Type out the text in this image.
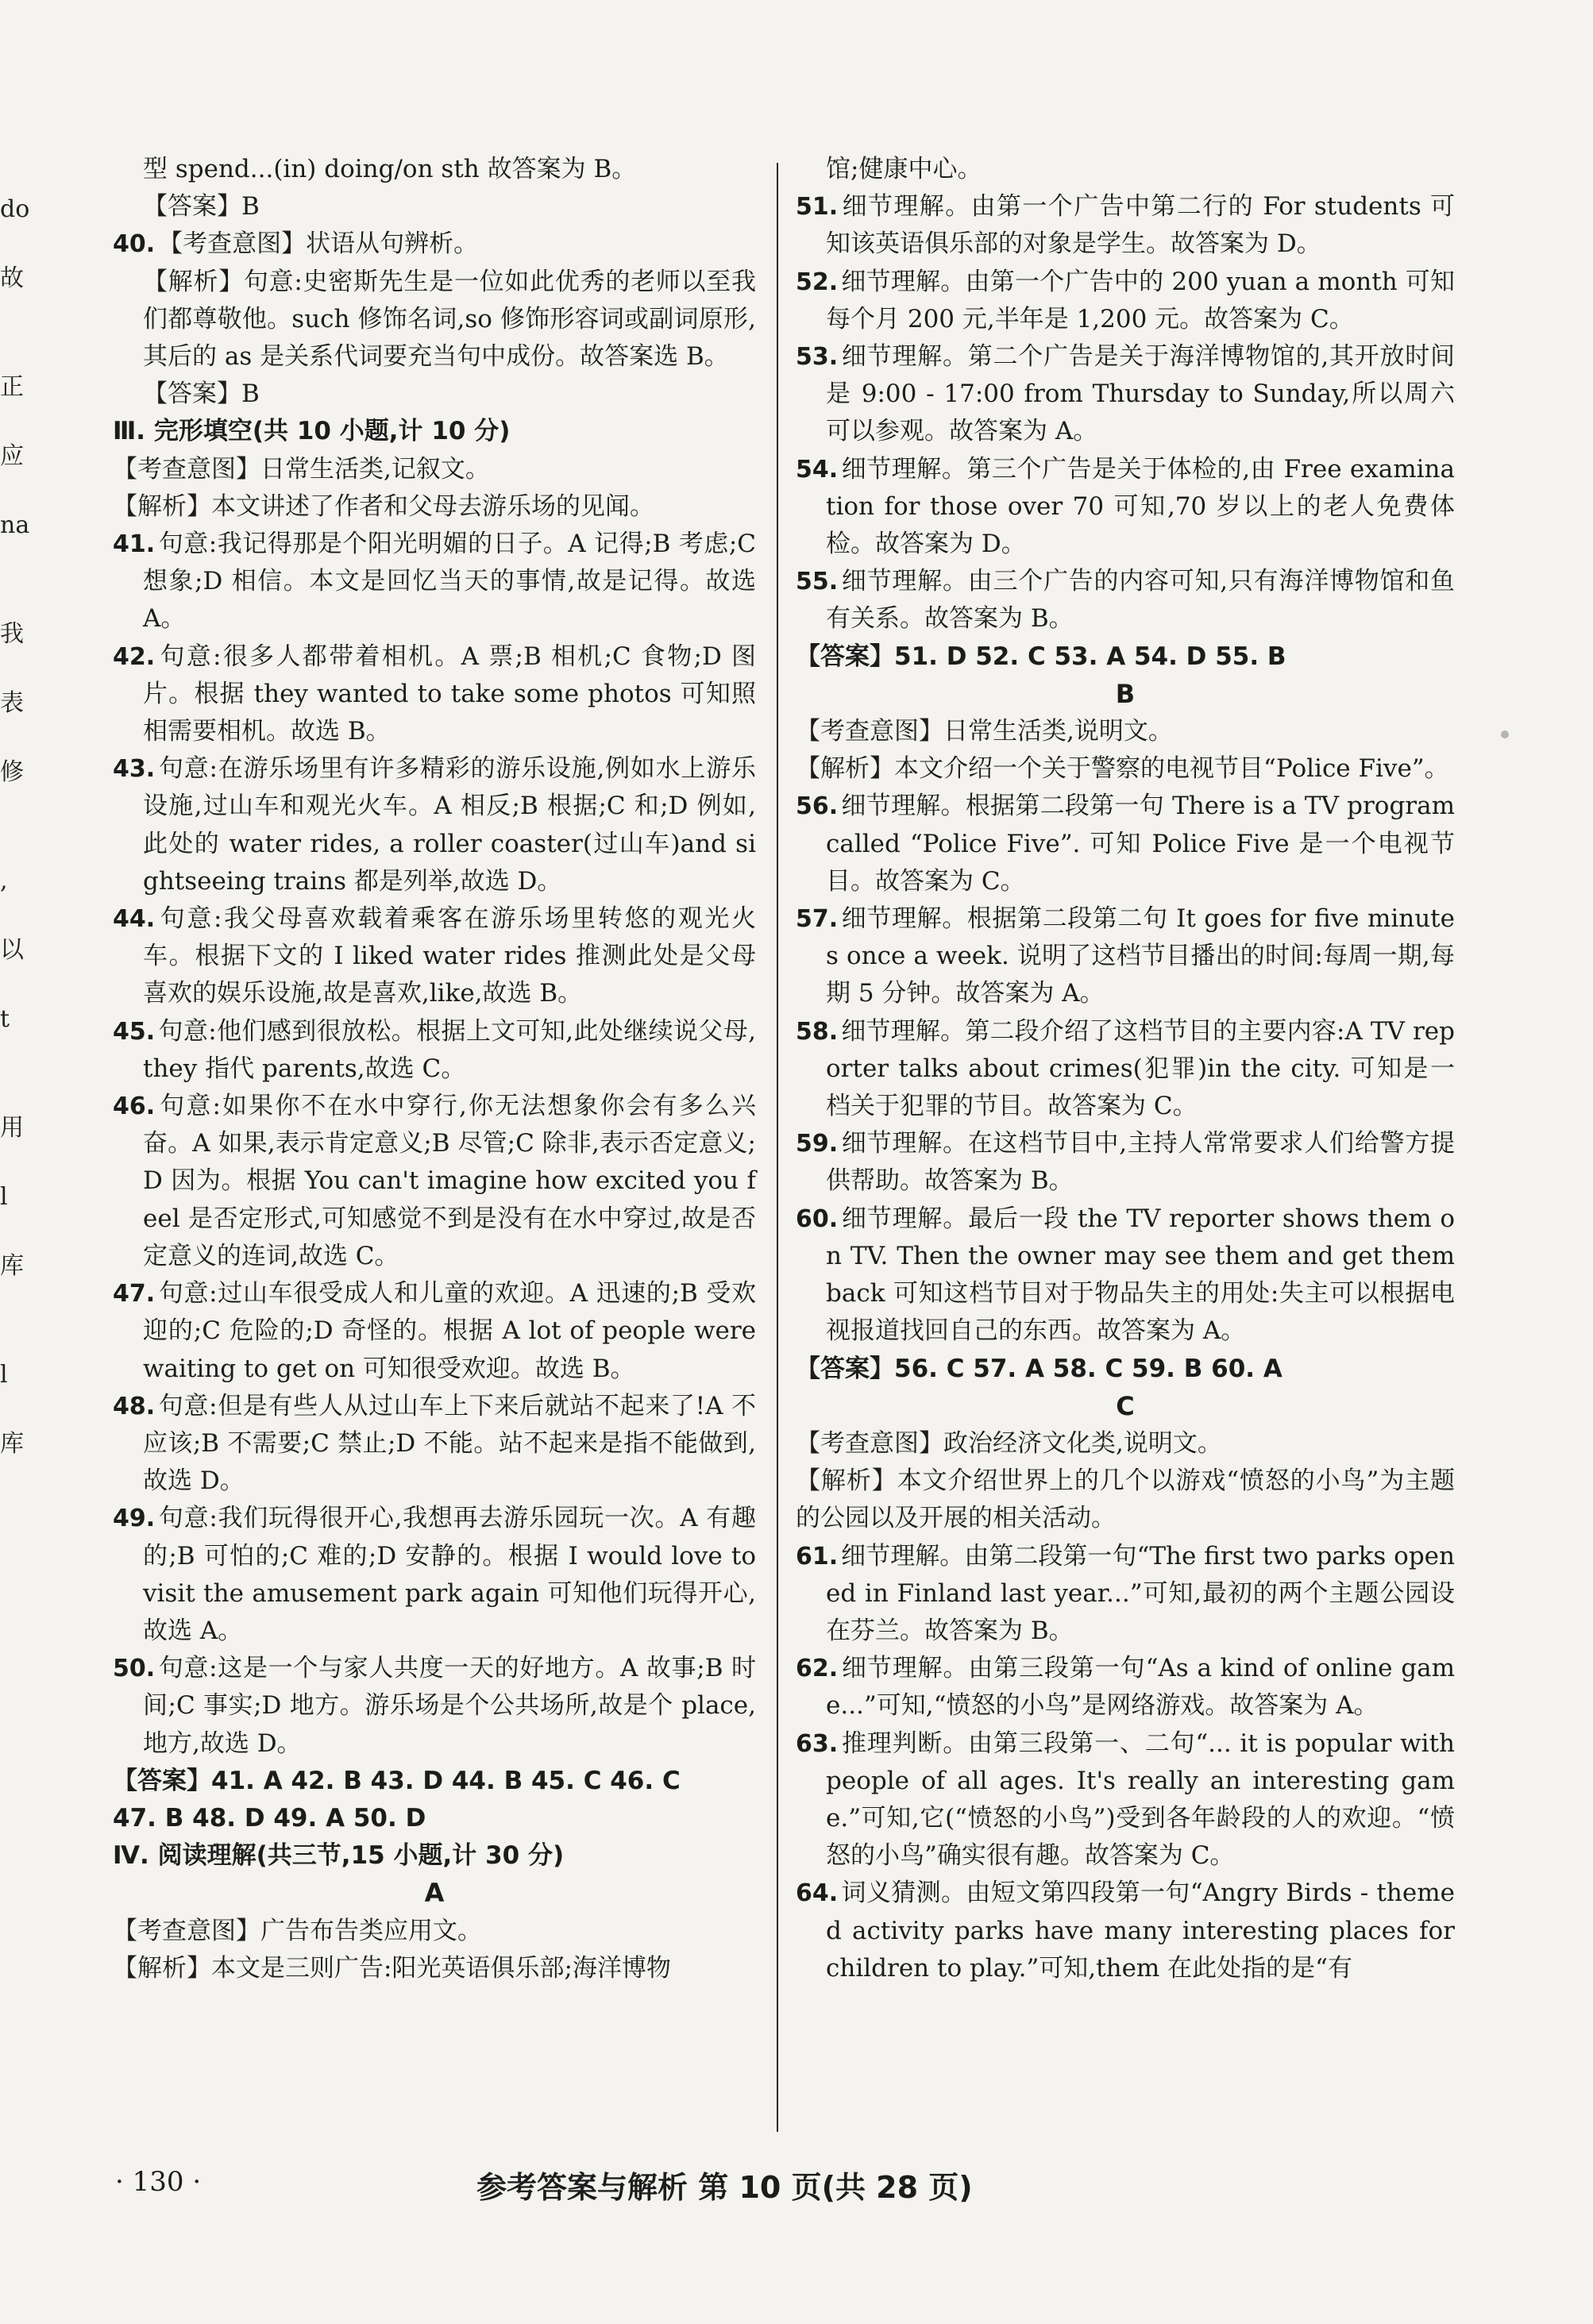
do
故
正
应
na
我
表
修
,
以
t
用
l
库
l
库

型 spend...(in) doing/on sth 故答案为 B。

【答案】B

40. 【考查意图】状语从句辨析。

【解析】句意:史密斯先生是一位如此优秀的老师以至我们都尊敬他。such 修饰名词,so 修饰形容词或副词原形,其后的 as 是关系代词要充当句中成份。故答案选 B。

【答案】B

Ⅲ. 完形填空(共 10 小题,计 10 分)

【考查意图】日常生活类,记叙文。

【解析】本文讲述了作者和父母去游乐场的见闻。

41. 句意:我记得那是个阳光明媚的日子。A 记得;B 考虑;C 想象;D 相信。本文是回忆当天的事情,故是记得。故选 A。

42. 句意:很多人都带着相机。A 票;B 相机;C 食物;D 图片。根据 they wanted to take some photos 可知照相需要相机。故选 B。

43. 句意:在游乐场里有许多精彩的游乐设施,例如水上游乐设施,过山车和观光火车。A 相反;B 根据;C 和;D 例如,此处的 water rides, a roller coaster(过山车)and sightseeing trains 都是列举,故选 D。

44. 句意:我父母喜欢载着乘客在游乐场里转悠的观光火车。根据下文的 I liked water rides 推测此处是父母喜欢的娱乐设施,故是喜欢,like,故选 B。

45. 句意:他们感到很放松。根据上文可知,此处继续说父母,they 指代 parents,故选 C。

46. 句意:如果你不在水中穿行,你无法想象你会有多么兴奋。A 如果,表示肯定意义;B 尽管;C 除非,表示否定意义;D 因为。根据 You can't imagine how excited you feel 是否定形式,可知感觉不到是没有在水中穿过,故是否定意义的连词,故选 C。

47. 句意:过山车很受成人和儿童的欢迎。A 迅速的;B 受欢迎的;C 危险的;D 奇怪的。根据 A lot of people were waiting to get on 可知很受欢迎。故选 B。

48. 句意:但是有些人从过山车上下来后就站不起来了!A 不应该;B 不需要;C 禁止;D 不能。站不起来是指不能做到,故选 D。

49. 句意:我们玩得很开心,我想再去游乐园玩一次。A 有趣的;B 可怕的;C 难的;D 安静的。根据 I would love to visit the amusement park again 可知他们玩得开心,故选 A。

50. 句意:这是一个与家人共度一天的好地方。A 故事;B 时间;C 事实;D 地方。游乐场是个公共场所,故是个 place,地方,故选 D。

【答案】41. A 42. B 43. D 44. B 45. C 46. C

47. B 48. D 49. A 50. D

Ⅳ. 阅读理解(共三节,15 小题,计 30 分)

A

【考查意图】广告布告类应用文。

【解析】本文是三则广告:阳光英语俱乐部;海洋博物

馆;健康中心。

51. 细节理解。由第一个广告中第二行的 For students 可知该英语俱乐部的对象是学生。故答案为 D。

52. 细节理解。由第一个广告中的 200 yuan a month 可知每个月 200 元,半年是 1,200 元。故答案为 C。

53. 细节理解。第二个广告是关于海洋博物馆的,其开放时间是 9:00 - 17:00 from Thursday to Sunday,所以周六可以参观。故答案为 A。

54. 细节理解。第三个广告是关于体检的,由 Free examination for those over 70 可知,70 岁以上的老人免费体检。故答案为 D。

55. 细节理解。由三个广告的内容可知,只有海洋博物馆和鱼有关系。故答案为 B。

【答案】51. D 52. C 53. A 54. D 55. B

B

【考查意图】日常生活类,说明文。

【解析】本文介绍一个关于警察的电视节目“Police Five”。

56. 细节理解。根据第二段第一句 There is a TV program called “Police Five”. 可知 Police Five 是一个电视节目。故答案为 C。

57. 细节理解。根据第二段第二句 It goes for five minutes once a week. 说明了这档节目播出的时间:每周一期,每期 5 分钟。故答案为 A。

58. 细节理解。第二段介绍了这档节目的主要内容:A TV reporter talks about crimes(犯罪)in the city. 可知是一档关于犯罪的节目。故答案为 C。

59. 细节理解。在这档节目中,主持人常常要求人们给警方提供帮助。故答案为 B。

60. 细节理解。最后一段 the TV reporter shows them on TV. Then the owner may see them and get them back 可知这档节目对于物品失主的用处:失主可以根据电视报道找回自己的东西。故答案为 A。

【答案】56. C 57. A 58. C 59. B 60. A

C

【考查意图】政治经济文化类,说明文。

【解析】本文介绍世界上的几个以游戏“愤怒的小鸟”为主题的公园以及开展的相关活动。

61. 细节理解。由第二段第一句“The first two parks opened in Finland last year...”可知,最初的两个主题公园设在芬兰。故答案为 B。

62. 细节理解。由第三段第一句“As a kind of online game...”可知,“愤怒的小鸟”是网络游戏。故答案为 A。

63. 推理判断。由第三段第一、二句“... it is popular with people of all ages. It's really an interesting game.”可知,它(“愤怒的小鸟”)受到各年龄段的人的欢迎。“愤怒的小鸟”确实很有趣。故答案为 C。

64. 词义猜测。由短文第四段第一句“Angry Birds - themed activity parks have many interesting places for children to play.”可知,them 在此处指的是“有

· 130 ·	参考答案与解析 第 10 页(共 28 页)
